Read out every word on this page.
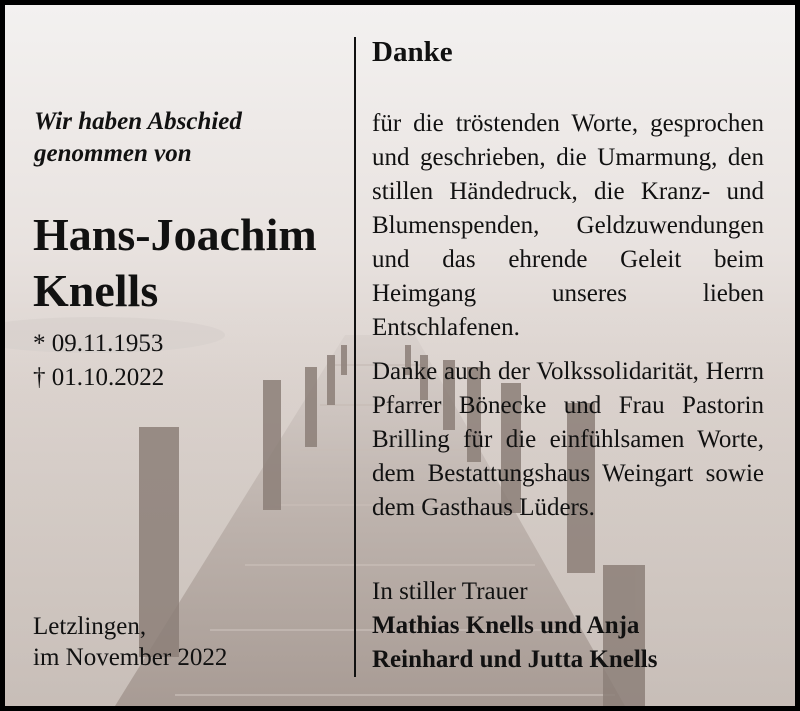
Wir haben Abschied
genommen von
Hans-Joachim
Knells
* 09.11.1953
† 01.10.2022
Letzlingen,
im November 2022
Danke

für die tröstenden Worte, gesprochen und geschrieben, die Umarmung, den stillen Händedruck, die Kranz- und Blumenspenden, Geldzuwendungen und das ehrende Geleit beim Heimgang unseres lieben Entschlafenen.

Danke auch der Volkssolidarität, Herrn Pfarrer Bönecke und Frau Pastorin Brilling für die einfühlsamen Worte, dem Bestattungshaus Weingart sowie dem Gasthaus Lüders.

In stiller Trauer
Mathias Knells und Anja
Reinhard und Jutta Knells
